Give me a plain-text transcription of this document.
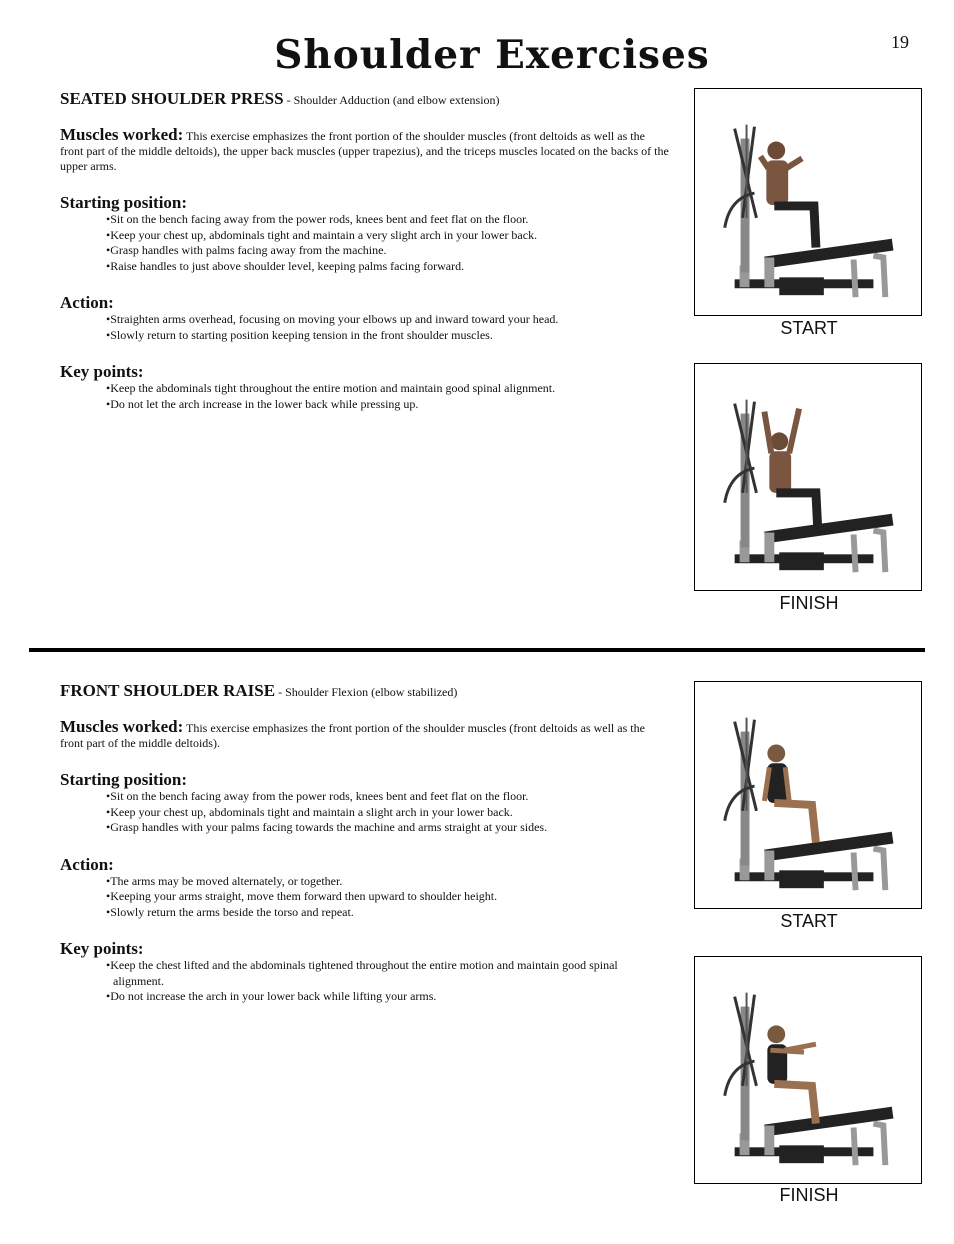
19
Shoulder Exercises

SEATED SHOULDER PRESS - Shoulder Adduction (and elbow extension)

Muscles worked: This exercise emphasizes the front portion of the shoulder muscles (front deltoids as well as the front part of the middle deltoids), the upper back muscles (upper trapezius), and the triceps muscles located on the backs of the upper arms.

Starting position:

•Sit on the bench facing away from the power rods, knees bent and feet flat on the floor.
•Keep your chest up, abdominals tight and maintain a very slight arch in your lower back.
•Grasp handles with palms facing away from the machine.
•Raise handles to just above shoulder level, keeping palms facing forward.

Action:

•Straighten arms overhead, focusing on moving your elbows up and inward toward your head.
•Slowly return to starting position keeping tension in the front shoulder muscles.

Key points:

•Keep the abdominals tight throughout the entire motion and maintain good spinal alignment.
•Do not let the arch increase in the lower back while pressing up.
START
FINISH

FRONT SHOULDER RAISE - Shoulder Flexion (elbow stabilized)

Muscles worked: This exercise emphasizes the front portion of the shoulder muscles (front deltoids as well as the front part of the middle deltoids).

Starting position:

•Sit on the bench facing away from the power rods, knees bent and feet flat on the floor.
•Keep your chest up, abdominals tight and maintain a slight arch in your lower back.
•Grasp handles with your palms facing towards the machine and arms straight at your sides.

Action:

•The arms may be moved alternately, or together.
•Keeping your arms straight, move them forward then upward to shoulder height.
•Slowly return the arms beside the torso and repeat.

Key points:

•Keep the chest lifted and the abdominals tightened throughout the entire motion and maintain good spinal alignment.
•Do not increase the arch in your lower back while lifting your arms.
START
FINISH
